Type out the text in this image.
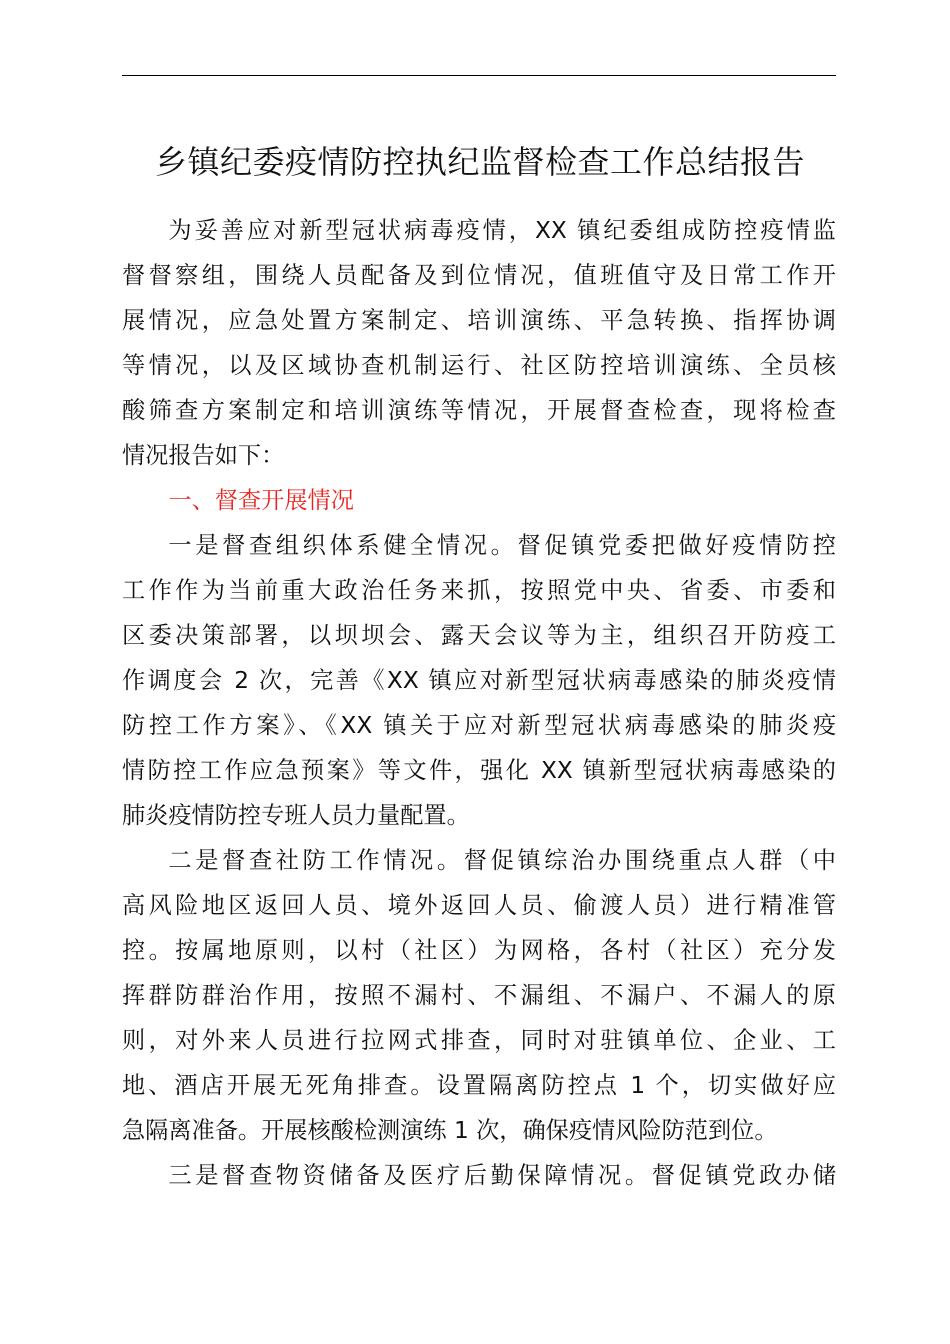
乡镇纪委疫情防控执纪监督检查工作总结报告
为妥善应对新型冠状病毒疫情，XX 镇纪委组成防控疫情监
督督察组，围绕人员配备及到位情况，值班值守及日常工作开
展情况，应急处置方案制定、培训演练、平急转换、指挥协调
等情况，以及区域协查机制运行、社区防控培训演练、全员核
酸筛查方案制定和培训演练等情况，开展督查检查，现将检查
情况报告如下：
一、督查开展情况
一是督查组织体系健全情况。督促镇党委把做好疫情防控
工作作为当前重大政治任务来抓，按照党中央、省委、市委和
区委决策部署，以坝坝会、露天会议等为主，组织召开防疫工
作调度会 2 次，完善《XX 镇应对新型冠状病毒感染的肺炎疫情
防控工作方案》、《XX 镇关于应对新型冠状病毒感染的肺炎疫
情防控工作应急预案》等文件，强化 XX 镇新型冠状病毒感染的
肺炎疫情防控专班人员力量配置。
二是督查社防工作情况。督促镇综治办围绕重点人群（中
高风险地区返回人员、境外返回人员、偷渡人员）进行精准管
控。按属地原则，以村（社区）为网格，各村（社区）充分发
挥群防群治作用，按照不漏村、不漏组、不漏户、不漏人的原
则，对外来人员进行拉网式排查，同时对驻镇单位、企业、工
地、酒店开展无死角排查。设置隔离防控点 1 个，切实做好应
急隔离准备。开展核酸检测演练 1 次，确保疫情风险防范到位。
三是督查物资储备及医疗后勤保障情况。督促镇党政办储
